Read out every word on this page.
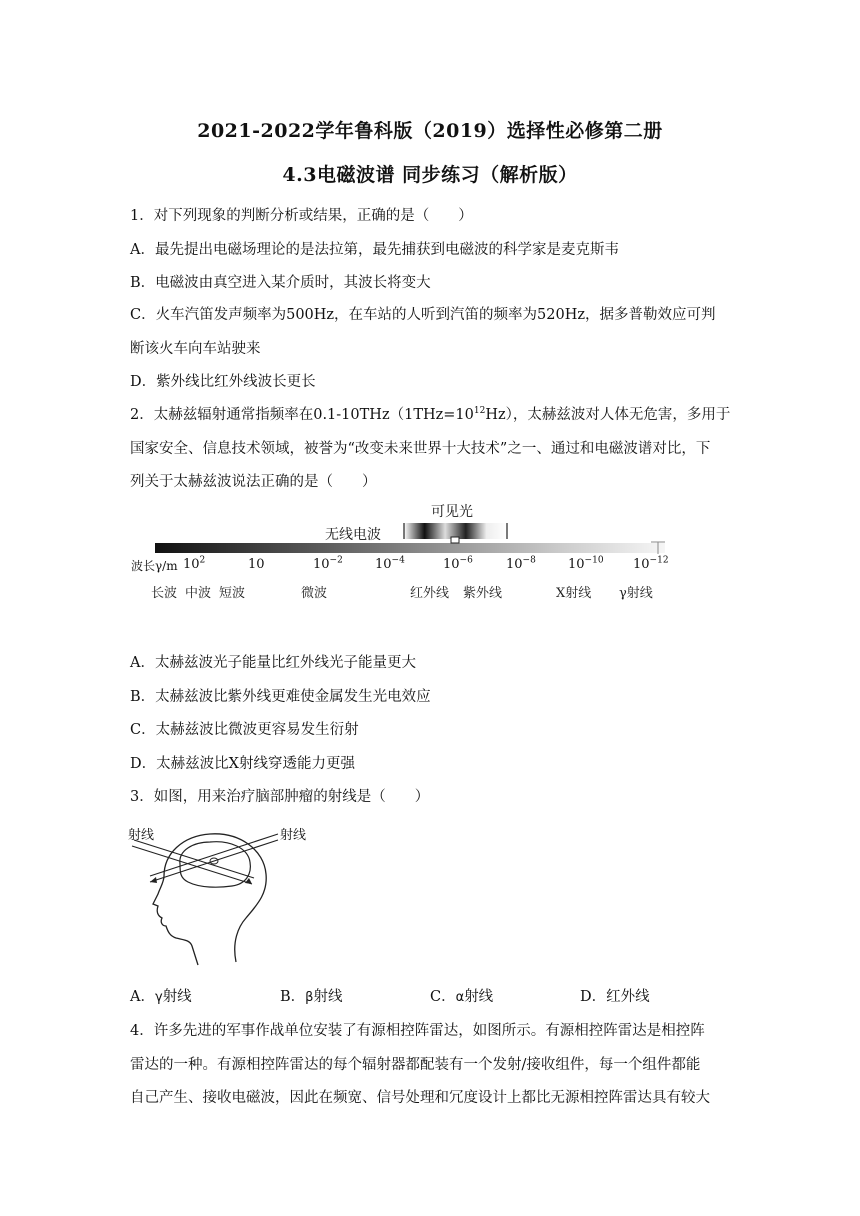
2021-2022学年鲁科版（2019）选择性必修第二册
4.3电磁波谱 同步练习（解析版）
1．对下列现象的判断分析或结果，正确的是（　　）
A．最先提出电磁场理论的是法拉第，最先捕获到电磁波的科学家是麦克斯韦
B．电磁波由真空进入某介质时，其波长将变大
C．火车汽笛发声频率为500Hz，在车站的人听到汽笛的频率为520Hz，据多普勒效应可判
断该火车向车站驶来
D．紫外线比红外线波长更长
2．太赫兹辐射通常指频率在$0.1-10THz(1THz=10^{12}Hz)$，太赫兹波对人体无危害，多用于
国家安全、信息技术领域，被誉为“改变未来世界十大技术”之一、通过和电磁波谱对比，下
列关于太赫兹波说法正确的是（　　）
可见光
无线电波
波长γ/m $10^2$	10	$10^{-2}$ $10^{-4}$	$10^{-6}$	$10^{-8}$ $10^{-10}$ $10^{-12}$
长波 中波 短波	微波	红外线 紫外线	X射线 γ射线
A．太赫兹波光子能量比红外线光子能量更大
B．太赫兹波比紫外线更难使金属发生光电效应
C．太赫兹波比微波更容易发生衍射
D．太赫兹波比X射线穿透能力更强
3．如图，用来治疗脑部肿瘤的射线是（　　）
射线	射线
A．γ射线	B．β射线	C．α射线	D．红外线
4．许多先进的军事作战单位安装了有源相控阵雷达，如图所示。有源相控阵雷达是相控阵
雷达的一种。有源相控阵雷达的每个辐射器都配装有一个发射/接收组件，每一个组件都能
自己产生、接收电磁波，因此在频宽、信号处理和冗度设计上都比无源相控阵雷达具有较大
